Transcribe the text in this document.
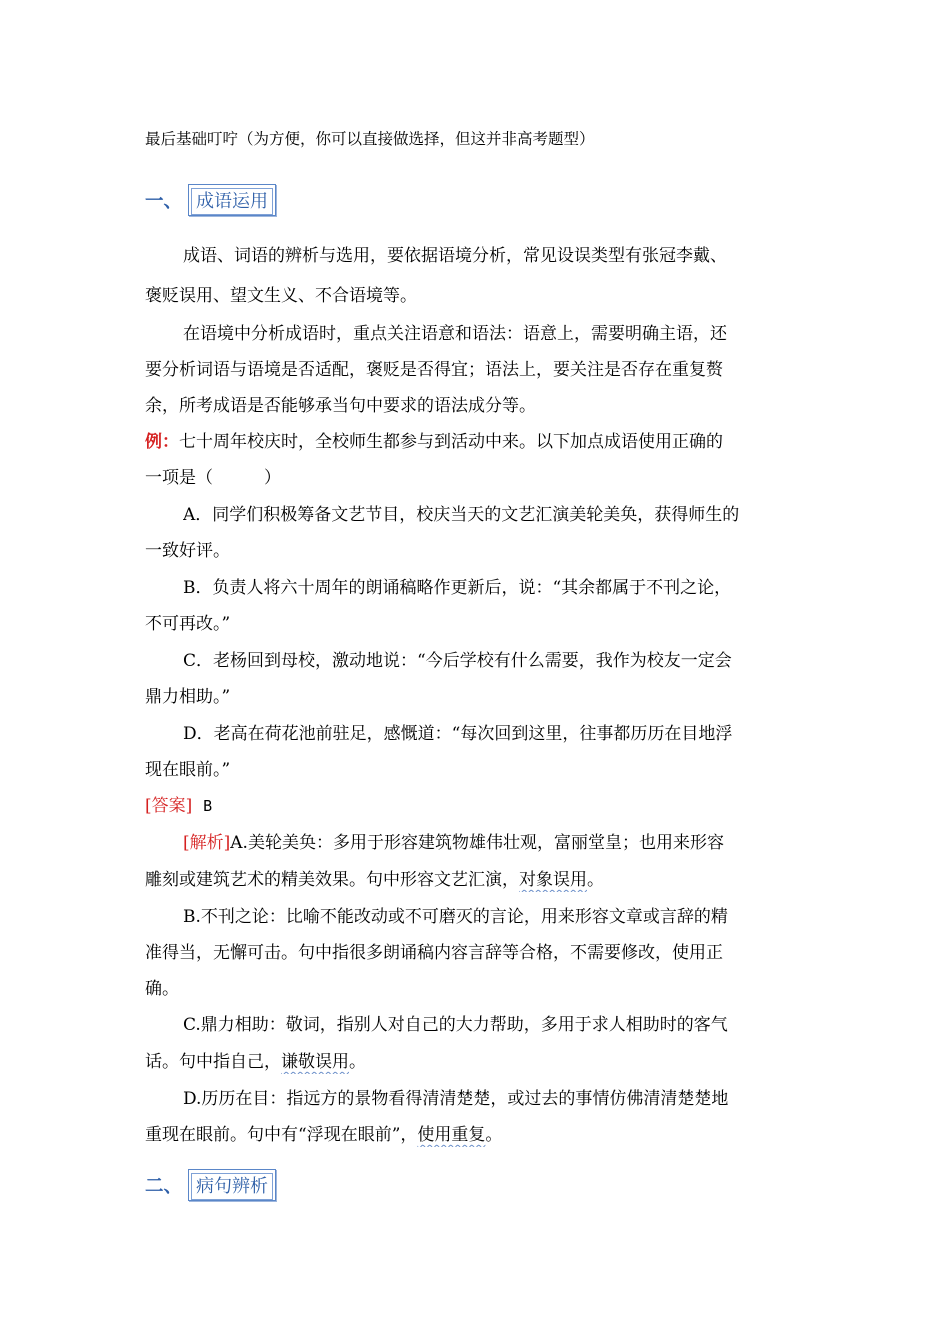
最后基础叮咛（为方便，你可以直接做选择，但这并非高考题型）
一、 成语运用
成语、词语的辨析与选用，要依据语境分析，常见设误类型有张冠李戴、
褒贬误用、望文生义、不合语境等。
在语境中分析成语时，重点关注语意和语法：语意上，需要明确主语，还
要分析词语与语境是否适配，褒贬是否得宜；语法上，要关注是否存在重复赘
余，所考成语是否能够承当句中要求的语法成分等。
例：七十周年校庆时，全校师生都参与到活动中来。以下加点成语使用正确的
一项是（　　　）
A．同学们积极筹备文艺节目，校庆当天的文艺汇演美轮美奂，获得师生的
一致好评。
B．负责人将六十周年的朗诵稿略作更新后，说：“其余都属于不刊之论，
不可再改。”
C．老杨回到母校，激动地说：“今后学校有什么需要，我作为校友一定会
鼎力相助。”
D．老高在荷花池前驻足，感慨道：“每次回到这里，往事都历历在目地浮
现在眼前。”
[答案] B
[解析]A.美轮美奂：多用于形容建筑物雄伟壮观，富丽堂皇；也用来形容
雕刻或建筑艺术的精美效果。句中形容文艺汇演，对象误用。
B.不刊之论：比喻不能改动或不可磨灭的言论，用来形容文章或言辞的精
准得当，无懈可击。句中指很多朗诵稿内容言辞等合格，不需要修改，使用正
确。
C.鼎力相助：敬词，指别人对自己的大力帮助，多用于求人相助时的客气
话。句中指自己，谦敬误用。
D.历历在目：指远方的景物看得清清楚楚，或过去的事情仿佛清清楚楚地
重现在眼前。句中有“浮现在眼前”，使用重复。
二、 病句辨析
